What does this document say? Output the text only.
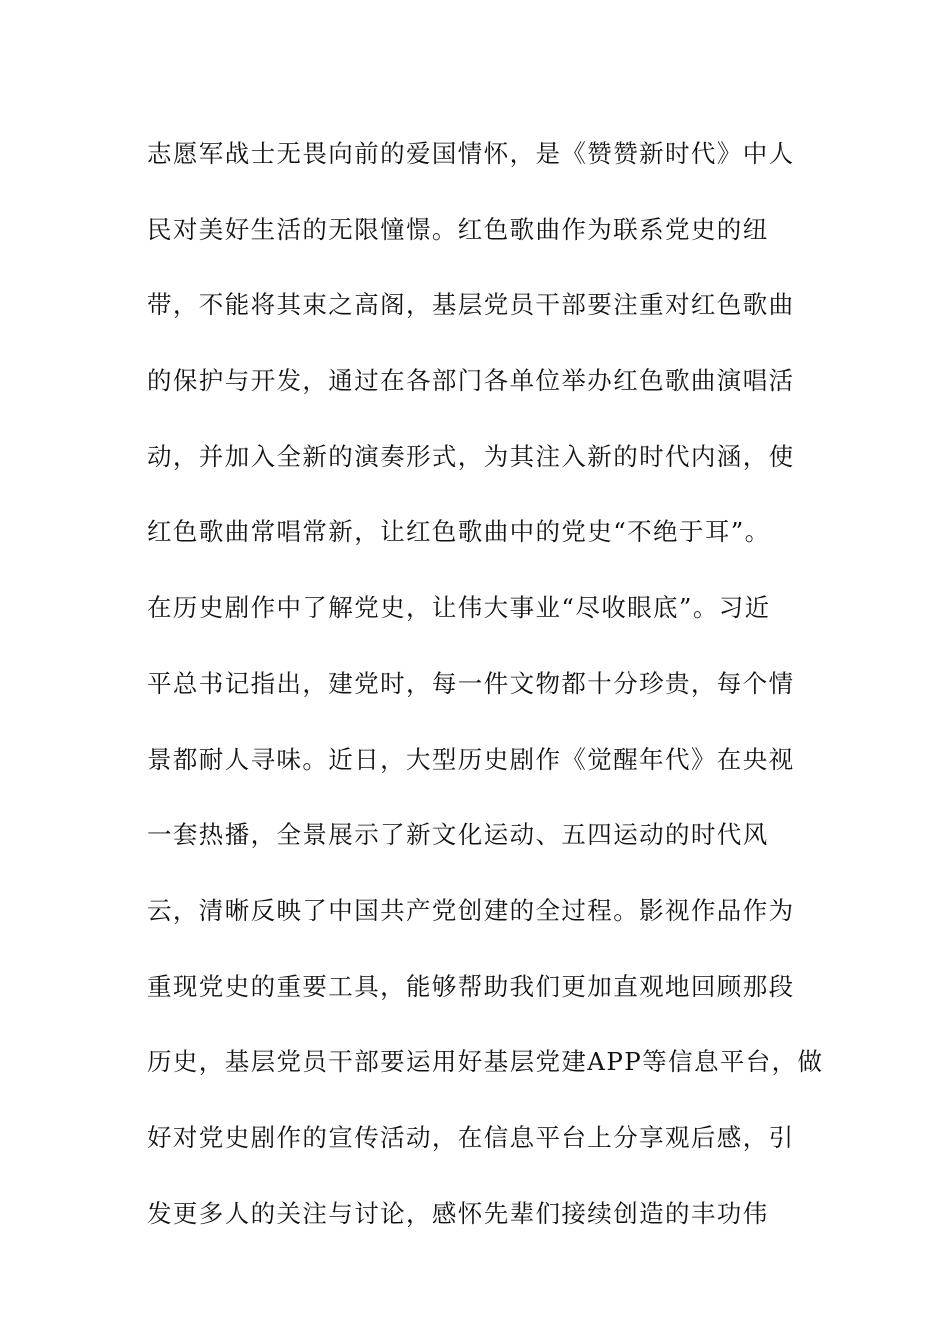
志愿军战士无畏向前的爱国情怀，是《赞赞新时代》中人
民对美好生活的无限憧憬。红色歌曲作为联系党史的纽
带，不能将其束之高阁，基层党员干部要注重对红色歌曲
的保护与开发，通过在各部门各单位举办红色歌曲演唱活
动，并加入全新的演奏形式，为其注入新的时代内涵，使
红色歌曲常唱常新，让红色歌曲中的党史“不绝于耳”。
在历史剧作中了解党史，让伟大事业“尽收眼底”。习近
平总书记指出，建党时，每一件文物都十分珍贵，每个情
景都耐人寻味。近日，大型历史剧作《觉醒年代》在央视
一套热播，全景展示了新文化运动、五四运动的时代风
云，清晰反映了中国共产党创建的全过程。影视作品作为
重现党史的重要工具，能够帮助我们更加直观地回顾那段
历史，基层党员干部要运用好基层党建APP等信息平台，做
好对党史剧作的宣传活动，在信息平台上分享观后感，引
发更多人的关注与讨论，感怀先辈们接续创造的丰功伟
